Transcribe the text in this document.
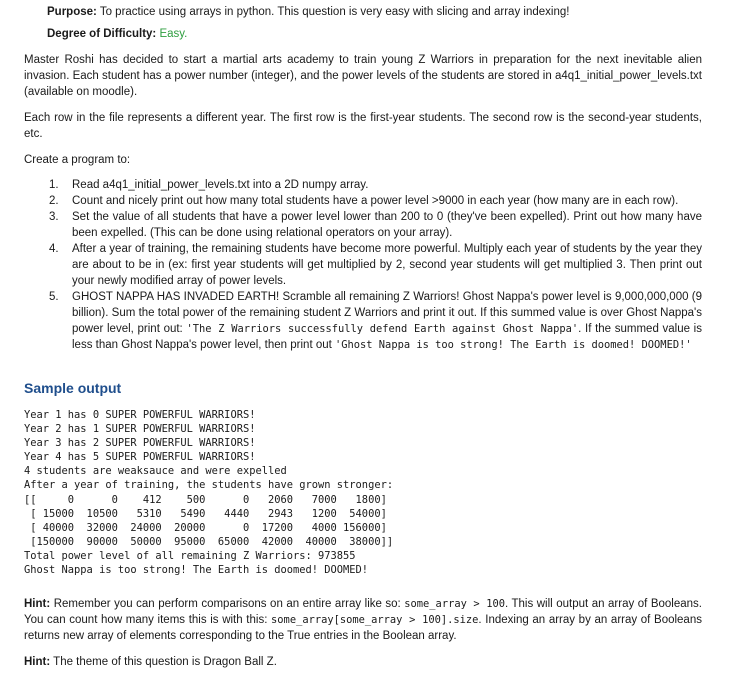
Purpose: To practice using arrays in python. This question is very easy with slicing and array indexing!
Degree of Difficulty: Easy.
Master Roshi has decided to start a martial arts academy to train young Z Warriors in preparation for the next inevitable alien invasion. Each student has a power number (integer), and the power levels of the students are stored in a4q1_initial_power_levels.txt (available on moodle).
Each row in the file represents a different year. The first row is the first-year students. The second row is the second-year students, etc.
Create a program to:
1. Read a4q1_initial_power_levels.txt into a 2D numpy array.
2. Count and nicely print out how many total students have a power level >9000 in each year (how many are in each row).
3. Set the value of all students that have a power level lower than 200 to 0 (they've been expelled). Print out how many have been expelled. (This can be done using relational operators on your array).
4. After a year of training, the remaining students have become more powerful. Multiply each year of students by the year they are about to be in (ex: first year students will get multiplied by 2, second year students will get multiplied 3. Then print out your newly modified array of power levels.
5. GHOST NAPPA HAS INVADED EARTH! Scramble all remaining Z Warriors! Ghost Nappa's power level is 9,000,000,000 (9 billion). Sum the total power of the remaining student Z Warriors and print it out. If this summed value is over Ghost Nappa's power level, print out: 'The Z Warriors successfully defend Earth against Ghost Nappa'. If the summed value is less than Ghost Nappa's power level, then print out 'Ghost Nappa is too strong! The Earth is doomed! DOOMED!'
Sample output
Year 1 has 0 SUPER POWERFUL WARRIORS!
Year 2 has 1 SUPER POWERFUL WARRIORS!
Year 3 has 2 SUPER POWERFUL WARRIORS!
Year 4 has 5 SUPER POWERFUL WARRIORS!
4 students are weaksauce and were expelled
After a year of training, the students have grown stronger:
[[     0      0    412    500      0   2060   7000   1800]
[ 15000  10500   5310   5490   4440   2943   1200  54000]
[ 40000  32000  24000  20000      0  17200   4000 156000]
[150000  90000  50000  95000  65000  42000  40000  38000]]
Total power level of all remaining Z Warriors: 973855
Ghost Nappa is too strong! The Earth is doomed! DOOMED!
Hint: Remember you can perform comparisons on an entire array like so: some_array > 100. This will output an array of Booleans. You can count how many items this is with this: some_array[some_array > 100].size. Indexing an array by an array of Booleans returns new array of elements corresponding to the True entries in the Boolean array.
Hint: The theme of this question is Dragon Ball Z.
